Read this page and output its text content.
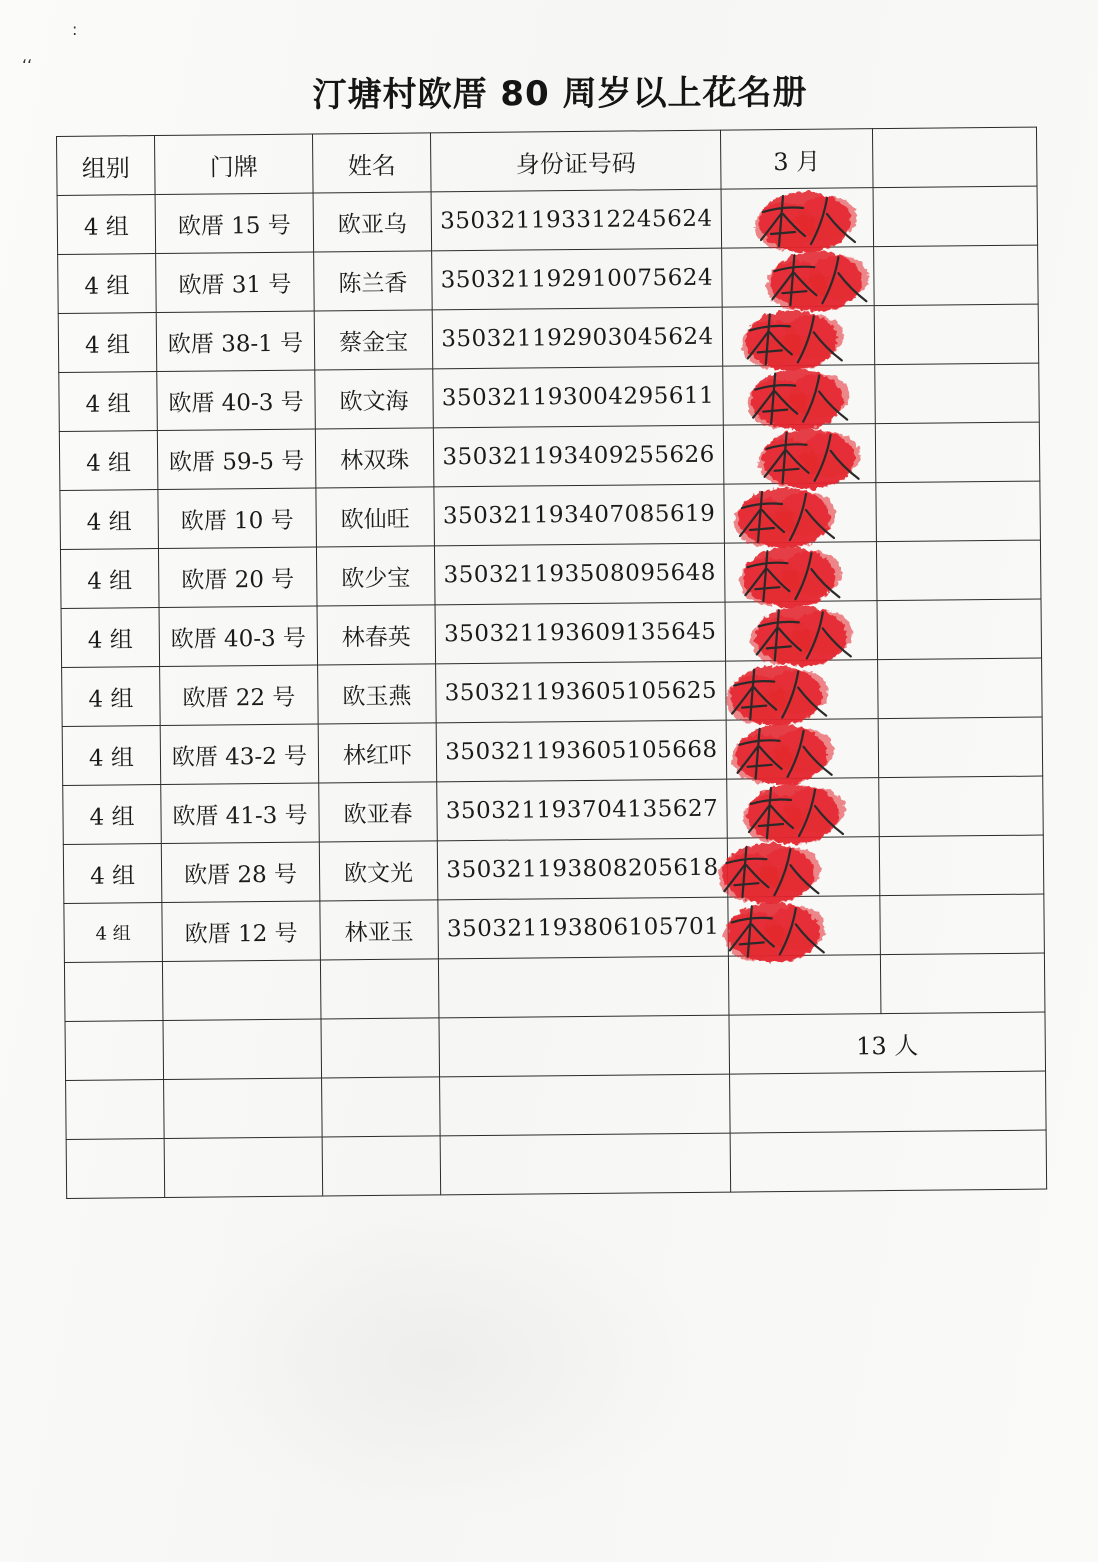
:
ʻʻ
汀塘村欧厝 80 周岁以上花名册
组别	门牌	姓名	身份证号码	3 月	
4 组	欧厝 15 号	欧亚乌	350321193312245624		
4 组	欧厝 31 号	陈兰香	350321192910075624		
4 组	欧厝 38-1 号	蔡金宝	350321192903045624		
4 组	欧厝 40-3 号	欧文海	350321193004295611		
4 组	欧厝 59-5 号	林双珠	350321193409255626		
4 组	欧厝 10 号	欧仙旺	350321193407085619		
4 组	欧厝 20 号	欧少宝	350321193508095648		
4 组	欧厝 40-3 号	林春英	350321193609135645		
4 组	欧厝 22 号	欧玉燕	350321193605105625		
4 组	欧厝 43-2 号	林红吓	350321193605105668		
4 组	欧厝 41-3 号	欧亚春	350321193704135627		
4 组	欧厝 28 号	欧文光	350321193808205618		
4 组	欧厝 12 号	林亚玉	350321193806105701		

				13 人	
